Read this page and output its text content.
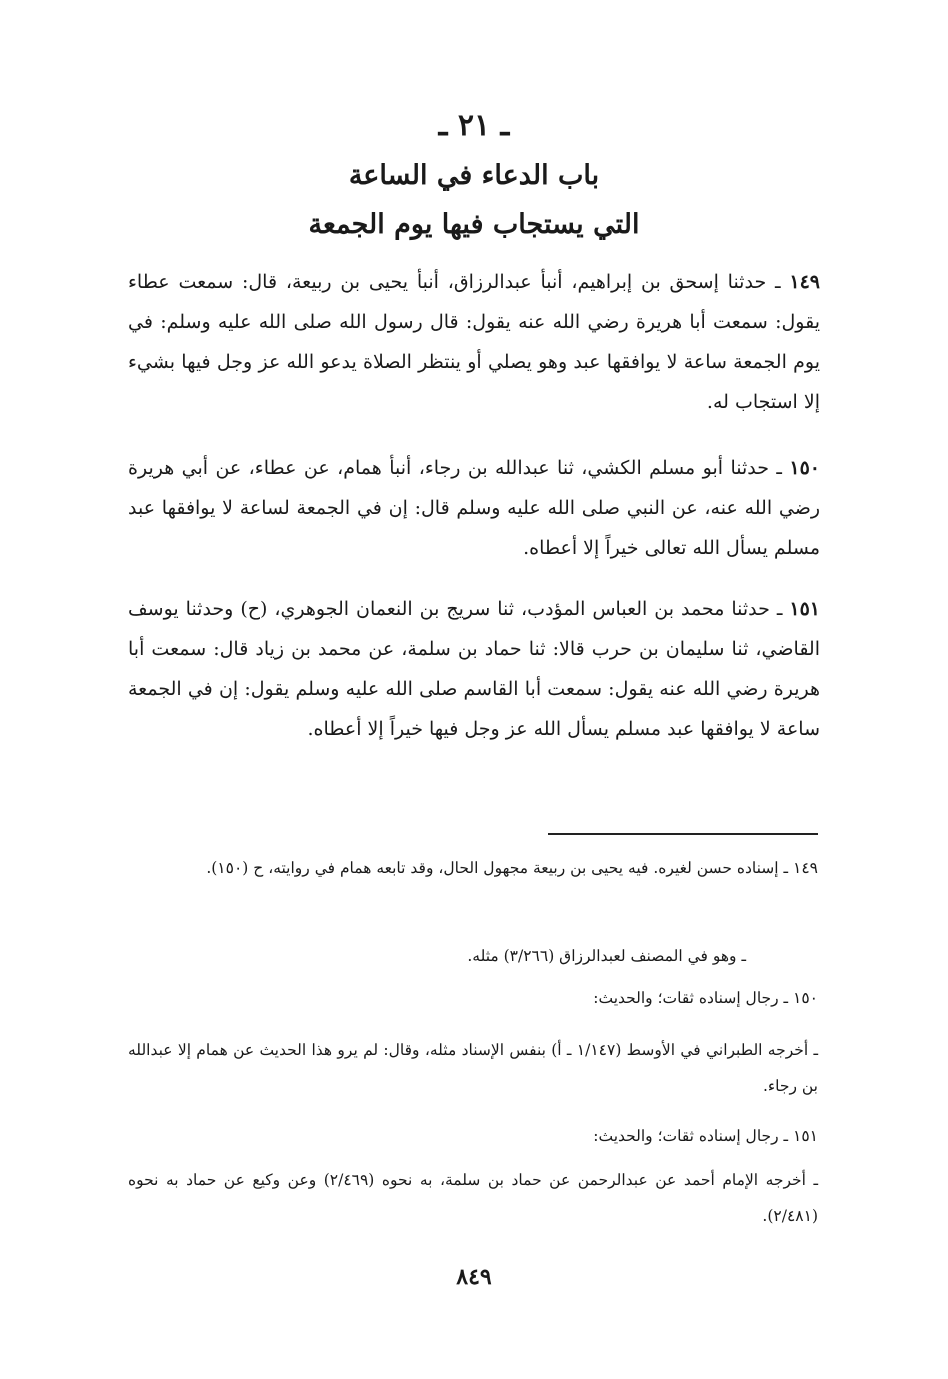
ـ ٢١ ـ
باب الدعاء في الساعة
التي يستجاب فيها يوم الجمعة
١٤٩ ـ حدثنا إسحق بن إبراهيم، أنبأ عبدالرزاق، أنبأ يحيى بن ربيعة، قال: سمعت عطاء يقول: سمعت أبا هريرة رضي الله عنه يقول: قال رسول الله صلى الله عليه وسلم: في يوم الجمعة ساعة لا يوافقها عبد وهو يصلي أو ينتظر الصلاة يدعو الله عز وجل فيها بشيء إلا استجاب له.
١٥٠ ـ حدثنا أبو مسلم الكشي، ثنا عبدالله بن رجاء، أنبأ همام، عن عطاء، عن أبي هريرة رضي الله عنه، عن النبي صلى الله عليه وسلم قال: إن في الجمعة لساعة لا يوافقها عبد مسلم يسأل الله تعالى خيراً إلا أعطاه.
١٥١ ـ حدثنا محمد بن العباس المؤدب، ثنا سريج بن النعمان الجوهري، (ح) وحدثنا يوسف القاضي، ثنا سليمان بن حرب قالا: ثنا حماد بن سلمة، عن محمد بن زياد قال: سمعت أبا هريرة رضي الله عنه يقول: سمعت أبا القاسم صلى الله عليه وسلم يقول: إن في الجمعة ساعة لا يوافقها عبد مسلم يسأل الله عز وجل فيها خيراً إلا أعطاه.
١٤٩ ـ إسناده حسن لغيره. فيه يحيى بن ربيعة مجهول الحال، وقد تابعه همام في روايته، ح (١٥٠).
ـ وهو في المصنف لعبدالرزاق (٣/٢٦٦) مثله.
١٥٠ ـ رجال إسناده ثقات؛ والحديث:
ـ أخرجه الطبراني في الأوسط (١/١٤٧ ـ أ) بنفس الإسناد مثله، وقال: لم يرو هذا الحديث عن همام إلا عبدالله بن رجاء.
١٥١ ـ رجال إسناده ثقات؛ والحديث:
ـ أخرجه الإمام أحمد عن عبدالرحمن عن حماد بن سلمة، به نحوه (٢/٤٦٩) وعن وكيع عن حماد به نحوه (٢/٤٨١).
٨٤٩
